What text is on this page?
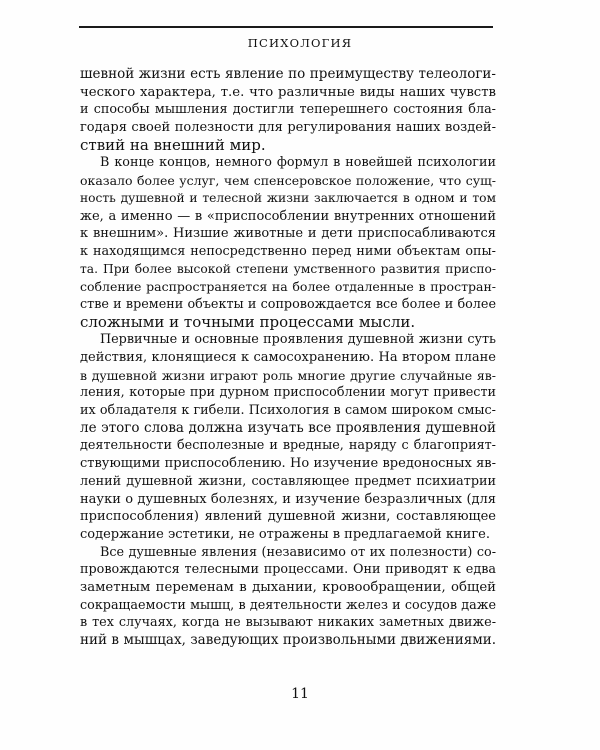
ПСИХОЛОГИЯ
шевной жизни есть явление по преимуществу телеологи-
ческого характера, т.е. что различные виды наших чувств
и способы мышления достигли теперешнего состояния бла-
годаря своей полезности для регулирования наших воздей-
ствий на внешний мир.
В конце концов, немного формул в новейшей психологии
оказало более услуг, чем спенсеровское положение, что сущ-
ность душевной и телесной жизни заключается в одном и том
же, а именно — в «приспособлении внутренних отношений
к внешним». Низшие животные и дети приспосабливаются
к находящимся непосредственно перед ними объектам опы-
та. При более высокой степени умственного развития приспо-
собление распространяется на более отдаленные в простран-
стве и времени объекты и сопровождается все более и более
сложными и точными процессами мысли.
Первичные и основные проявления душевной жизни суть
действия, клонящиеся к самосохранению. На втором плане
в душевной жизни играют роль многие другие случайные яв-
ления, которые при дурном приспособлении могут привести
их обладателя к гибели. Психология в самом широком смыс-
ле этого слова должна изучать все проявления душевной
деятельности бесполезные и вредные, наряду с благоприят-
ствующими приспособлению. Но изучение вредоносных яв-
лений душевной жизни, составляющее предмет психиатрии
науки о душевных болезнях, и изучение безразличных (для
приспособления) явлений душевной жизни, составляющее
содержание эстетики, не отражены в предлагаемой книге.
Все душевные явления (независимо от их полезности) со-
провождаются телесными процессами. Они приводят к едва
заметным переменам в дыхании, кровообращении, общей
сокращаемости мышц, в деятельности желез и сосудов даже
в тех случаях, когда не вызывают никаких заметных движе-
ний в мышцах, заведующих произвольными движениями.
11
